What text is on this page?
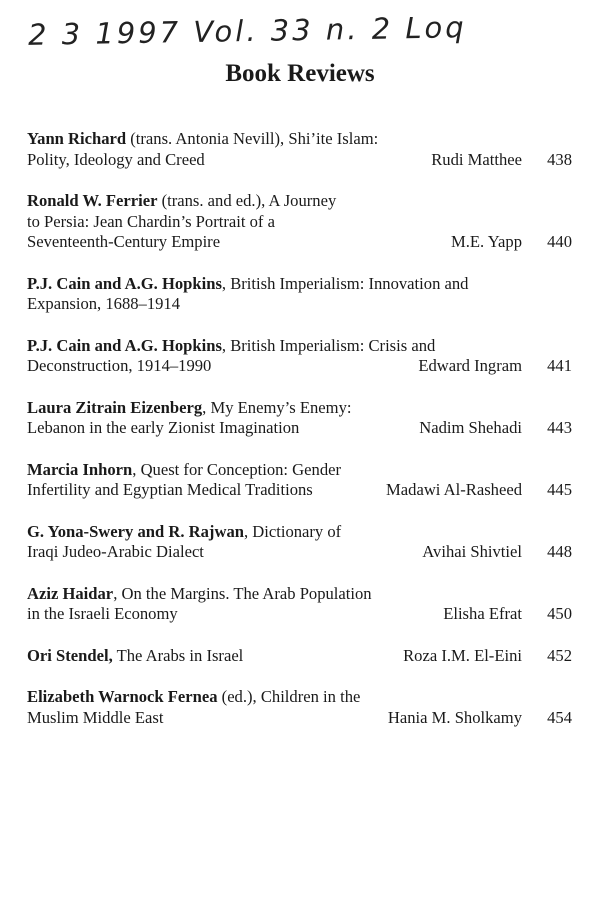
2 3 1997 Vol. 33 n. 2 Loq
Book Reviews
Yann Richard (trans. Antonia Nevill), Shi’ite Islam:
Polity, Ideology and Creed	Rudi Matthee	438
Ronald W. Ferrier (trans. and ed.), A Journey
to Persia: Jean Chardin’s Portrait of a
Seventeenth-Century Empire	M.E. Yapp	440
P.J. Cain and A.G. Hopkins, British Imperialism: Innovation and
Expansion, 1688–1914
P.J. Cain and A.G. Hopkins, British Imperialism: Crisis and
Deconstruction, 1914–1990	Edward Ingram	441
Laura Zitrain Eizenberg, My Enemy’s Enemy:
Lebanon in the early Zionist Imagination	Nadim Shehadi	443
Marcia Inhorn, Quest for Conception: Gender
Infertility and Egyptian Medical Traditions	Madawi Al-Rasheed	445
G. Yona-Swery and R. Rajwan, Dictionary of
Iraqi Judeo-Arabic Dialect	Avihai Shivtiel	448
Aziz Haidar, On the Margins. The Arab Population
in the Israeli Economy	Elisha Efrat	450
Ori Stendel, The Arabs in Israel	Roza I.M. El-Eini	452
Elizabeth Warnock Fernea (ed.), Children in the
Muslim Middle East	Hania M. Sholkamy	454
